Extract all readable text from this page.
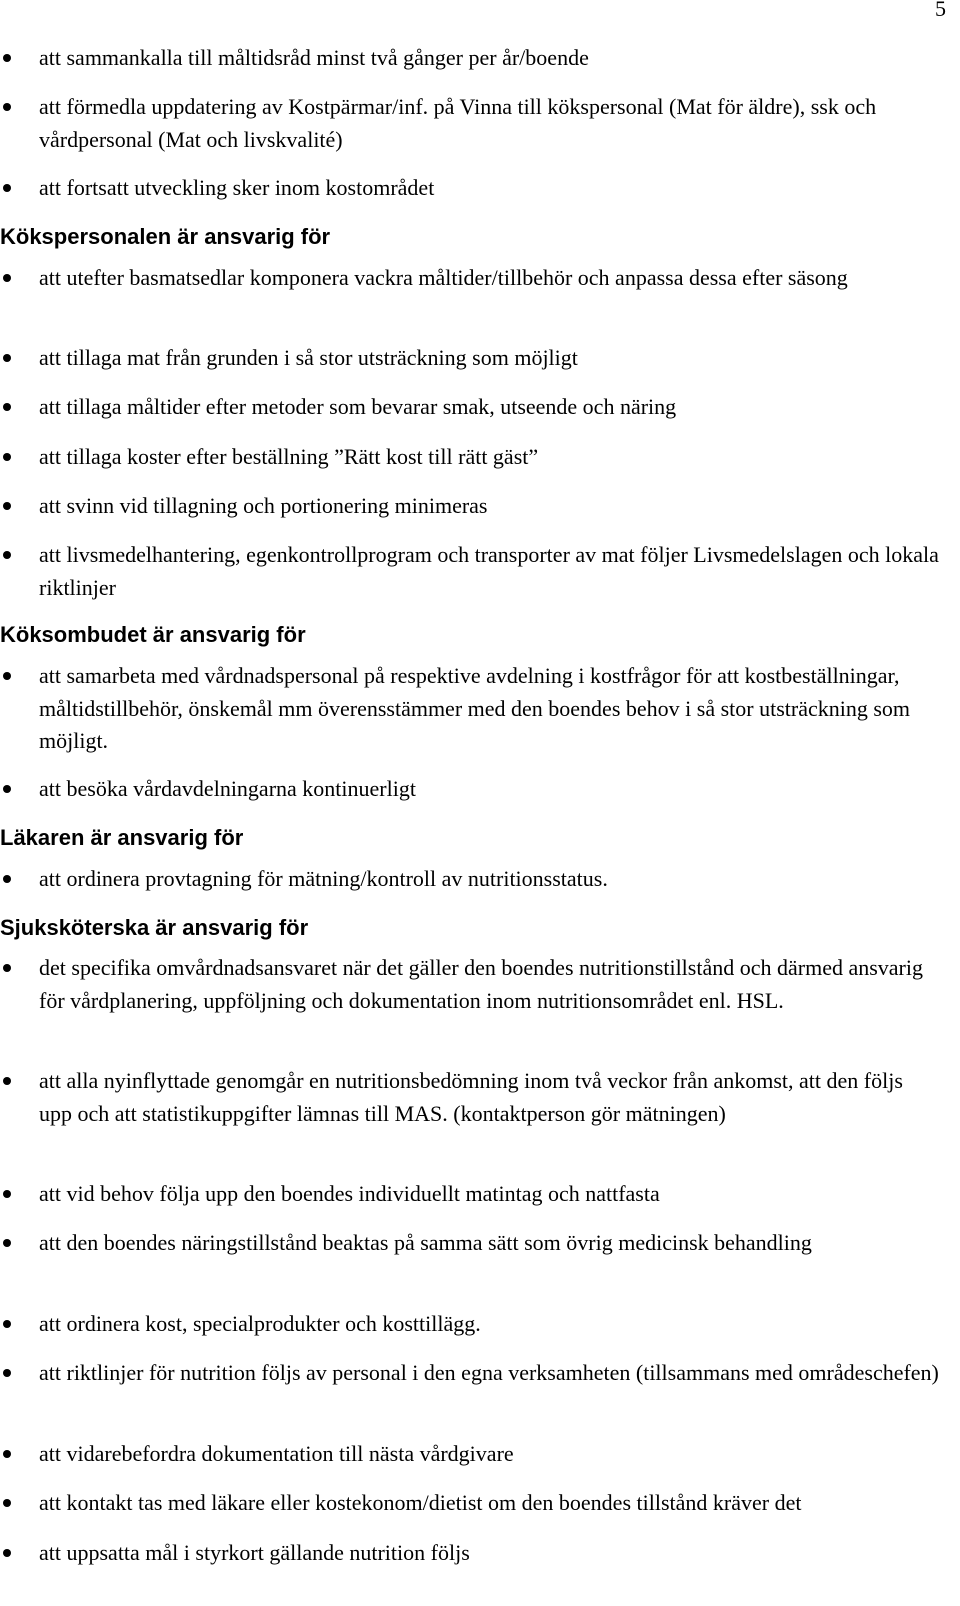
5
att sammankalla till måltidsråd minst två gånger per år/boende
att förmedla uppdatering av Kostpärmar/inf. på Vinna till kökspersonal (Mat för äldre), ssk och vårdpersonal (Mat och livskvalité)
att fortsatt utveckling sker inom kostområdet
Kökspersonalen är ansvarig för
att utefter basmatsedlar komponera vackra måltider/tillbehör och anpassa dessa efter säsong
att tillaga mat från grunden i så stor utsträckning som möjligt
att tillaga måltider efter metoder som bevarar smak, utseende och näring
att tillaga koster efter beställning ”Rätt kost till rätt gäst”
att svinn vid tillagning och portionering minimeras
att livsmedelhantering, egenkontrollprogram och transporter av mat följer Livsmedelslagen och lokala riktlinjer
Köksombudet är ansvarig för
att samarbeta med vårdnadspersonal på respektive avdelning i kostfrågor för att kostbeställningar, måltidstillbehör, önskemål mm överensstämmer med den boendes behov i så stor utsträckning som möjligt.
att besöka vårdavdelningarna kontinuerligt
Läkaren är ansvarig för
att ordinera provtagning för mätning/kontroll av nutritionsstatus.
Sjuksköterska är ansvarig för
det specifika omvårdnadsansvaret när det gäller den boendes nutritionstillstånd och därmed ansvarig för vårdplanering, uppföljning och dokumentation inom nutritionsområdet enl. HSL.
att alla nyinflyttade genomgår en nutritionsbedömning inom två veckor från ankomst, att den följs upp och att statistikuppgifter lämnas till MAS. (kontaktperson gör mätningen)
att vid behov följa upp den boendes individuellt matintag och nattfasta
att den boendes näringstillstånd beaktas på samma sätt som övrig medicinsk behandling
att ordinera kost, specialprodukter och kosttillägg.
att riktlinjer för nutrition följs av personal i den egna verksamheten (tillsammans med områdeschefen)
att vidarebefordra dokumentation till nästa vårdgivare
att kontakt tas med läkare eller kostekonom/dietist om den boendes tillstånd kräver det
att uppsatta mål i styrkort gällande nutrition följs
